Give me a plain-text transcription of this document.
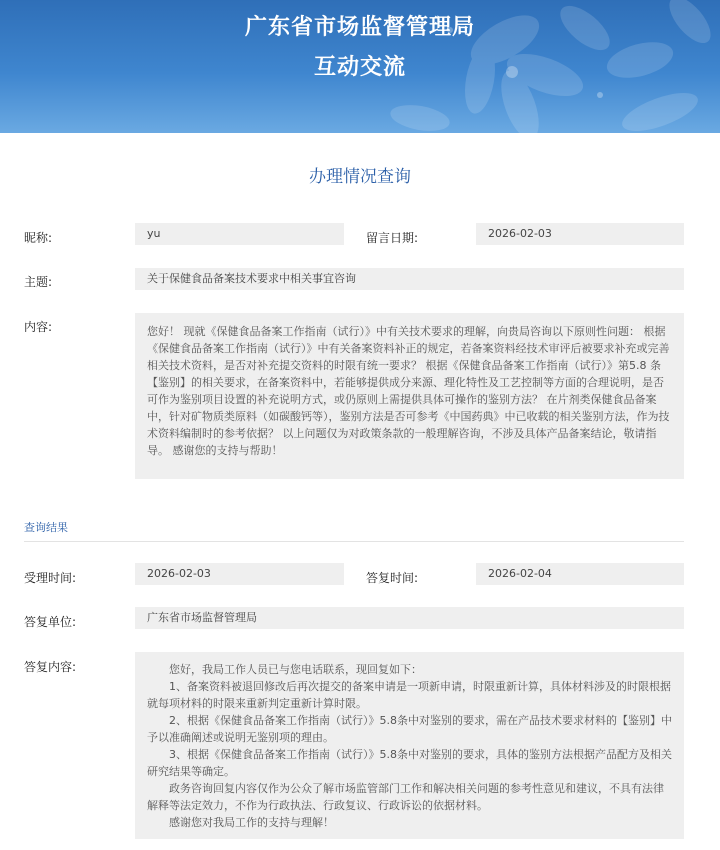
广东省市场监督管理局
互动交流
办理情况查询
昵称:	yu	留言日期:	2026-02-03
主题:	关于保健食品备案技术要求中相关事宜咨询
内容:	您好！ 现就《保健食品备案工作指南（试行）》中有关技术要求的理解，向贵局咨询以下原则性问题： 根据《保健食品备案工作指南（试行）》中有关备案资料补正的规定，若备案资料经技术审评后被要求补充或完善相关技术资料，是否对补充提交资料的时限有统一要求？ 根据《保健食品备案工作指南（试行）》第5.8 条【鉴别】的相关要求，在备案资料中，若能够提供成分来源、理化特性及工艺控制等方面的合理说明，是否可作为鉴别项目设置的补充说明方式，或仍原则上需提供具体可操作的鉴别方法？ 在片剂类保健食品备案中，针对矿物质类原料（如碳酸钙等），鉴别方法是否可参考《中国药典》中已收载的相关鉴别方法，作为技术资料编制时的参考依据？ 以上问题仅为对政策条款的一般理解咨询，不涉及具体产品备案结论，敬请指导。 感谢您的支持与帮助！

查询结果
受理时间:	2026-02-03	答复时间:	2026-02-04
答复单位:	广东省市场监督管理局
答复内容:	您好，我局工作人员已与您电话联系，现回复如下：

1、备案资料被退回修改后再次提交的备案申请是一项新申请，时限重新计算，具体材料涉及的时限根据就每项材料的时限来重新判定重新计算时限。

2、根据《保健食品备案工作指南（试行）》5.8条中对鉴别的要求，需在产品技术要求材料的【鉴别】中予以准确阐述或说明无鉴别项的理由。

3、根据《保健食品备案工作指南（试行）》5.8条中对鉴别的要求，具体的鉴别方法根据产品配方及相关研究结果等确定。

政务咨询回复内容仅作为公众了解市场监管部门工作和解决相关问题的参考性意见和建议，不具有法律解释等法定效力，不作为行政执法、行政复议、行政诉讼的依据材料。

感谢您对我局工作的支持与理解！
